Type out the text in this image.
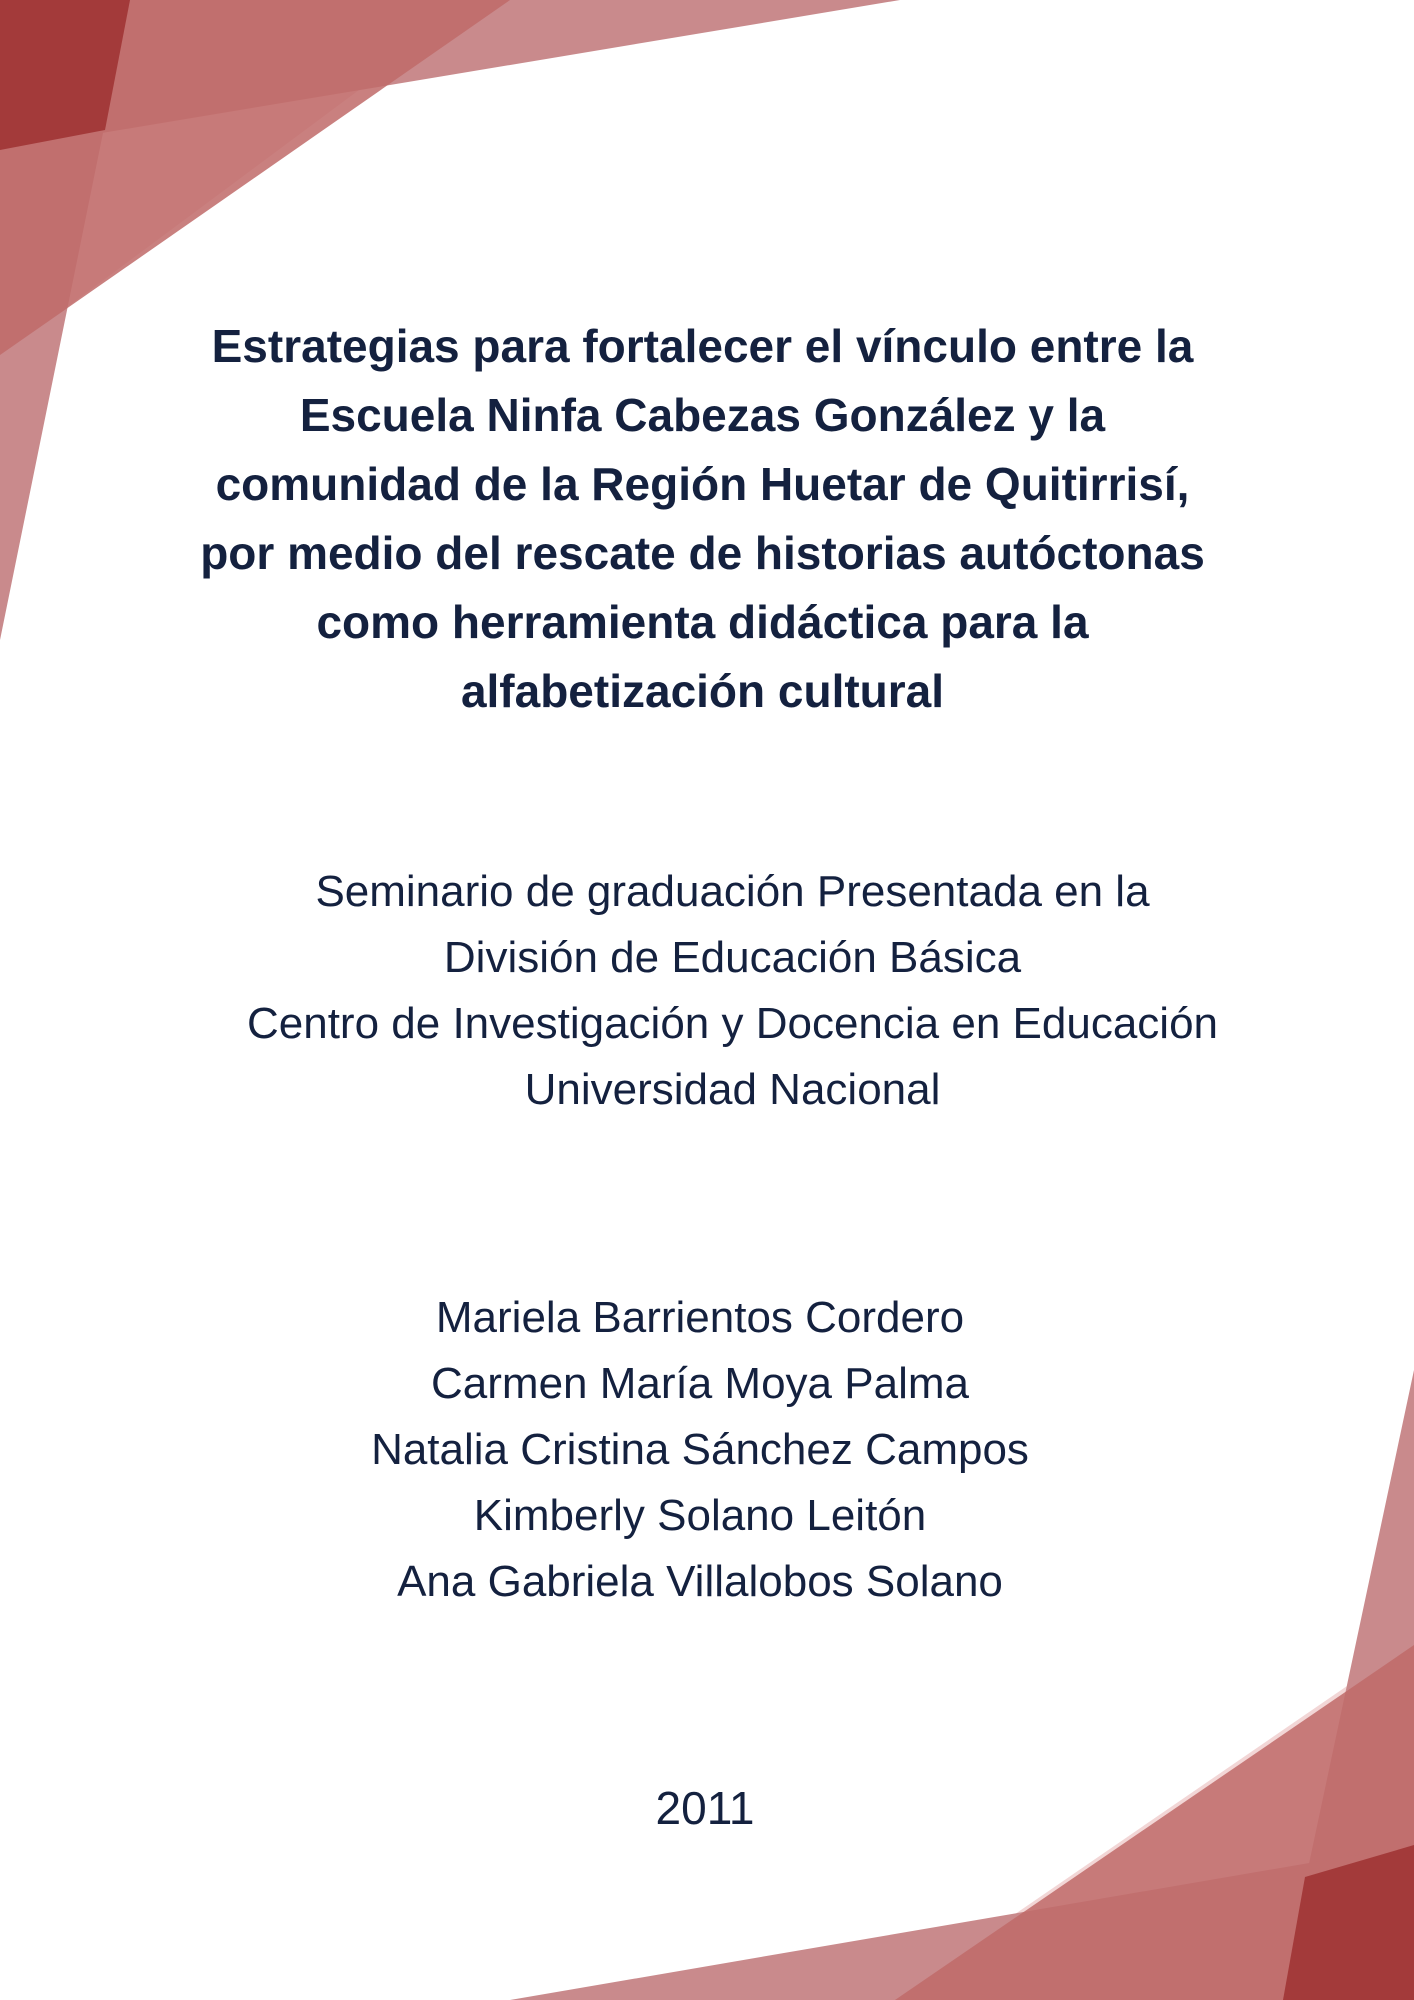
Estrategias para fortalecer el vínculo entre la
Escuela Ninfa Cabezas González y la
comunidad de la Región Huetar de Quitirrisí,
por medio del rescate de historias autóctonas
como herramienta didáctica para la
alfabetización cultural
Seminario de graduación Presentada en la
División de Educación Básica
Centro de Investigación y Docencia en Educación
Universidad Nacional
Mariela Barrientos Cordero
Carmen María Moya Palma
Natalia Cristina Sánchez Campos
Kimberly Solano Leitón
Ana Gabriela Villalobos Solano
2011
